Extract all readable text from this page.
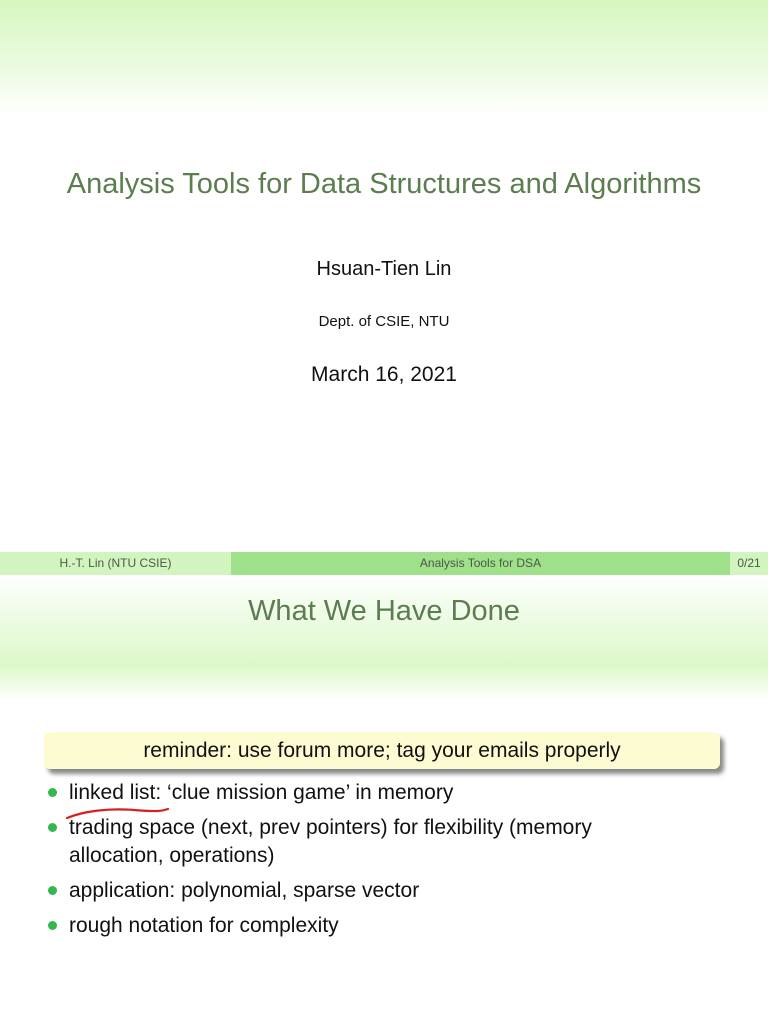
Analysis Tools for Data Structures and Algorithms
Hsuan-Tien Lin
Dept. of CSIE, NTU
March 16, 2021
H.-T. Lin (NTU CSIE)	Analysis Tools for DSA	0/21
What We Have Done
reminder: use forum more; tag your emails properly
linked list: ‘clue mission game’ in memory
trading space (next, prev pointers) for flexibility (memory allocation, operations)
application: polynomial, sparse vector
rough notation for complexity
